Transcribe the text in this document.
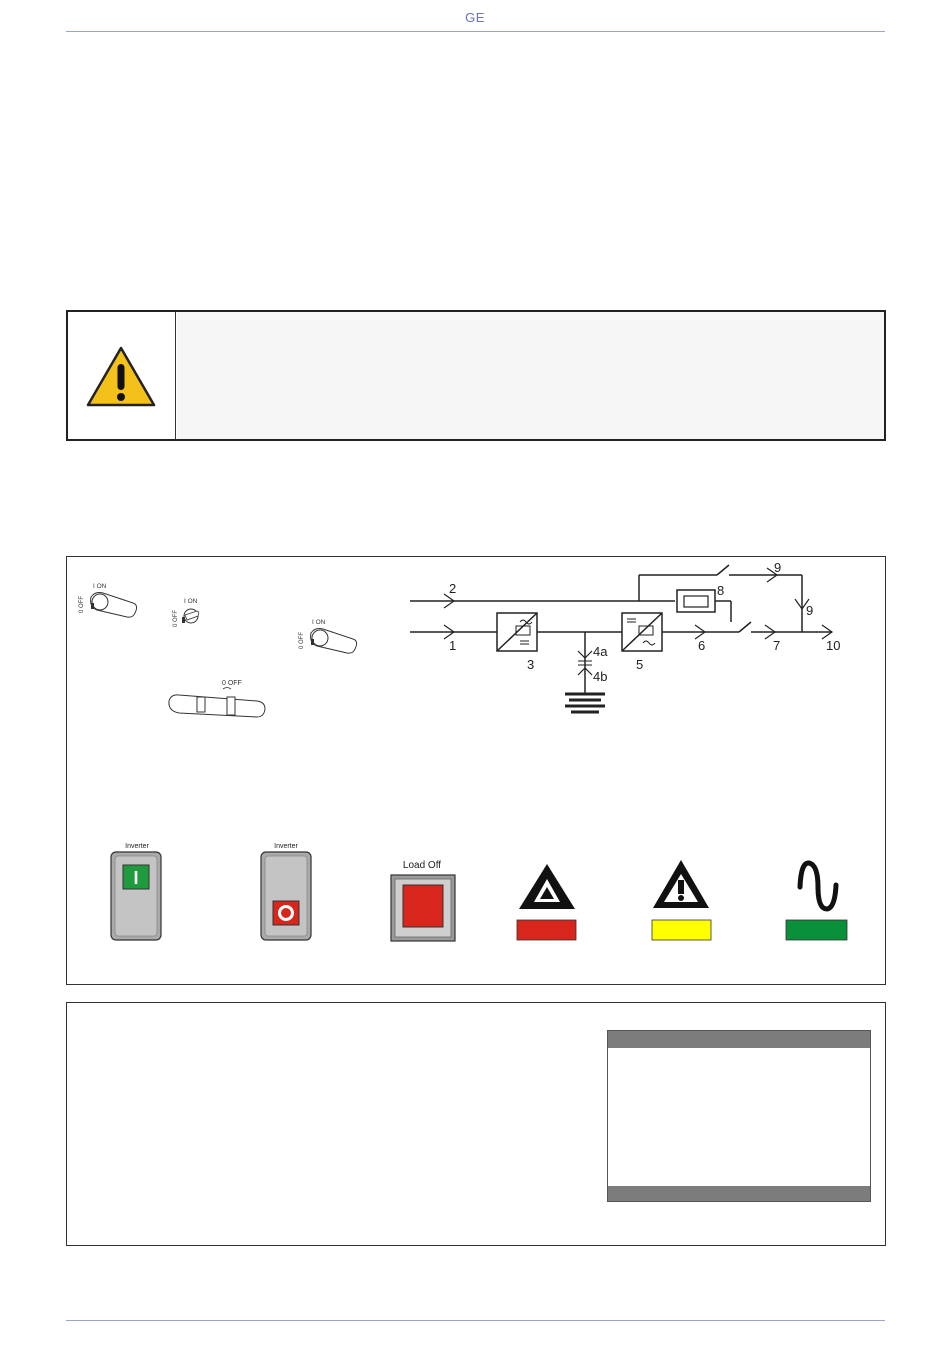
GE
I ON
0 OFF	I ON
0 OFF	I ON
0 OFF
0 OFF
1
2
3
4a
4b
5
6	7
8
9
9
10
Inverter
I
Inverter
Load Off
